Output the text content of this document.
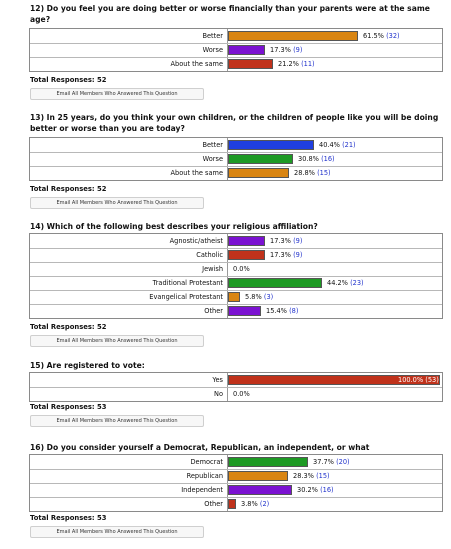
12) Do you feel you are doing better or worse financially than your parents were at the same age?
Better	61.5% (32)
Worse	17.3% (9)
About the same	21.2% (11)
Total Responses: 52
Email All Members Who Answered This Question
13) In 25 years, do you think your own children, or the children of people like you will be doing better or worse than you are today?
Better	40.4% (21)
Worse	30.8% (16)
About the same	28.8% (15)
Total Responses: 52
Email All Members Who Answered This Question
14) Which of the following best describes your religious affiliation?
Agnostic/atheist	17.3% (9)
Catholic	17.3% (9)
Jewish 0.0%
Traditional Protestant	44.2% (23)
Evangelical Protestant	5.8% (3)
Other	15.4% (8)
Total Responses: 52
Email All Members Who Answered This Question
15) Are registered to vote:
Yes	100.0% (53)
No 0.0%
Total Responses: 53
Email All Members Who Answered This Question
16) Do you consider yourself a Democrat, Republican, an independent, or what
Democrat	37.7% (20)
Republican	28.3% (15)
Independent	30.2% (16)
Other	3.8% (2)
Total Responses: 53
Email All Members Who Answered This Question
